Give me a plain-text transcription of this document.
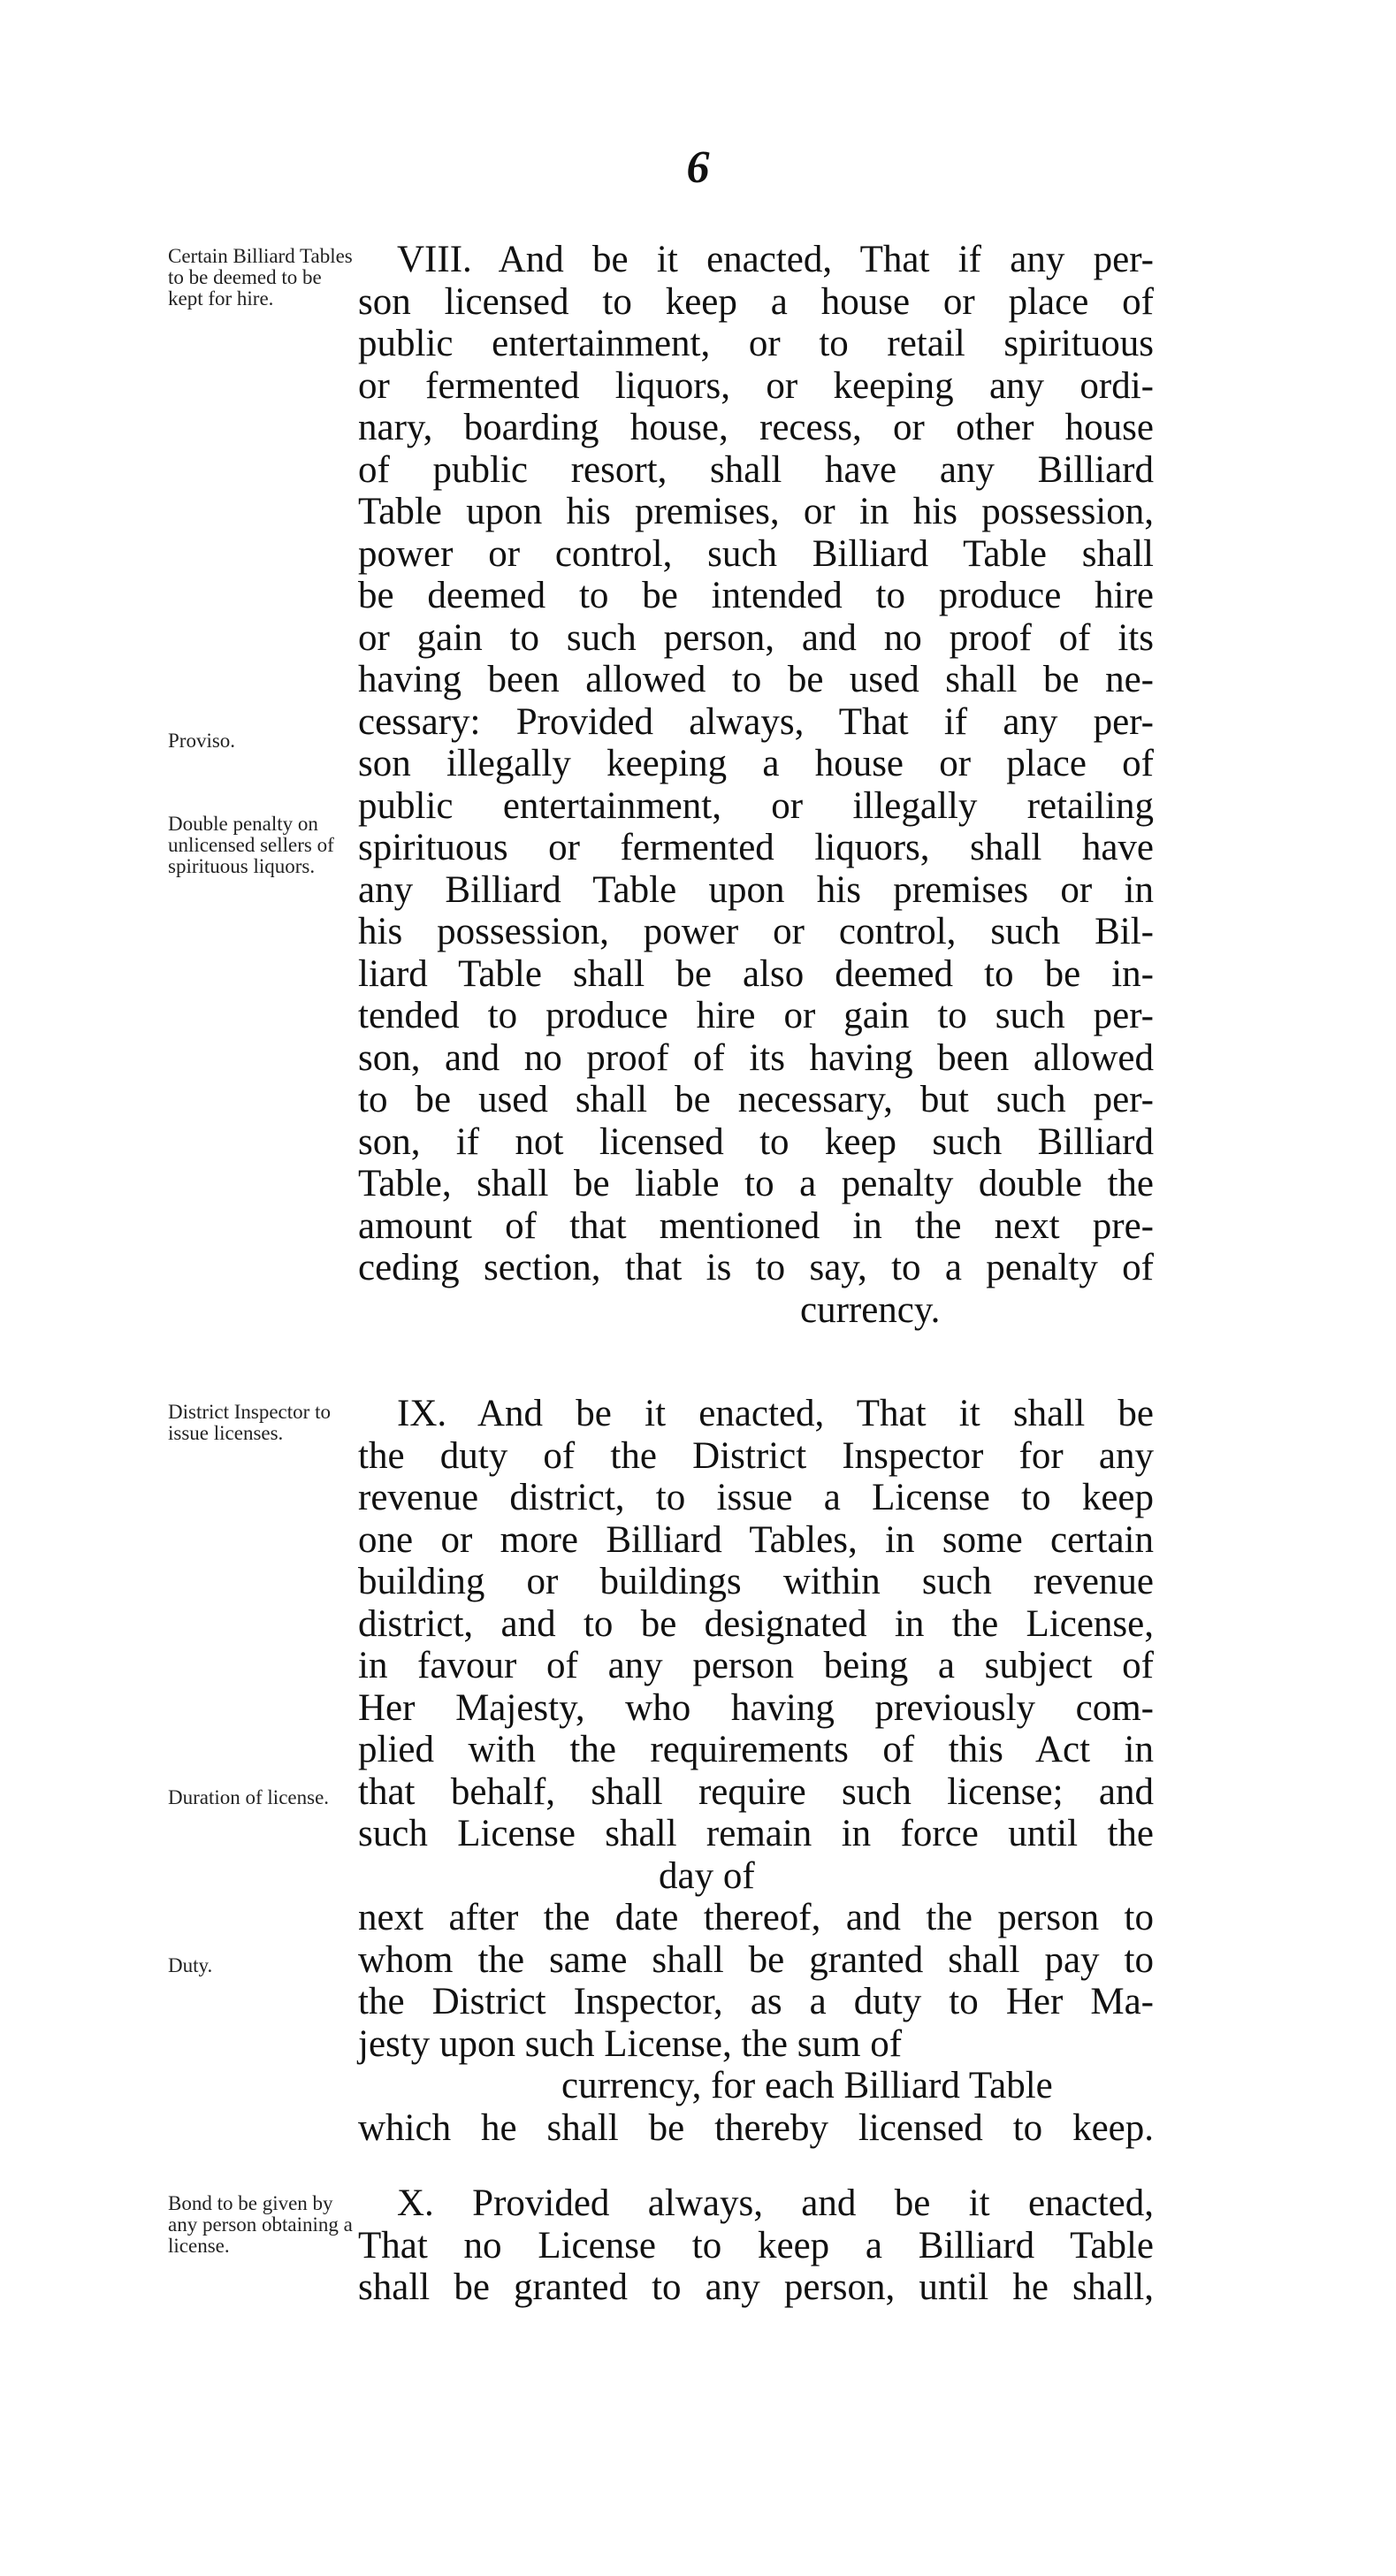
6
Certain Billiard Tables to be deemed to be kept for hire.
Proviso.
Double penalty on unlicensed sellers of spirituous liquors.
VIII. And be it enacted, That if any per-
son licensed to keep a house or place of
public entertainment, or to retail spirituous
or fermented liquors, or keeping any ordi-
nary, boarding house, recess, or other house
of public resort, shall have any Billiard
Table upon his premises, or in his possession,
power or control, such Billiard Table shall
be deemed to be intended to produce hire
or gain to such person, and no proof of its
having been allowed to be used shall be ne-
cessary: Provided always, That if any per-
son illegally keeping a house or place of
public entertainment, or illegally retailing
spirituous or fermented liquors, shall have
any Billiard Table upon his premises or in
his possession, power or control, such Bil-
liard Table shall be also deemed to be in-
tended to produce hire or gain to such per-
son, and no proof of its having been allowed
to be used shall be necessary, but such per-
son, if not licensed to keep such Billiard
Table, shall be liable to a penalty double the
amount of that mentioned in the next pre-
ceding section, that is to say, to a penalty of
currency.
District Inspector to issue licenses.
Duration of license.
Duty.
IX. And be it enacted, That it shall be
the duty of the District Inspector for any
revenue district, to issue a License to keep
one or more Billiard Tables, in some certain
building or buildings within such revenue
district, and to be designated in the License,
in favour of any person being a subject of
Her Majesty, who having previously com-
plied with the requirements of this Act in
that behalf, shall require such license; and
such License shall remain in force until the
day of
next after the date thereof, and the person to
whom the same shall be granted shall pay to
the District Inspector, as a duty to Her Ma-
jesty upon such License, the sum of
currency, for each Billiard Table
which he shall be thereby licensed to keep.
Bond to be given by any person obtaining a license.
X. Provided always, and be it enacted,
That no License to keep a Billiard Table
shall be granted to any person, until he shall,
